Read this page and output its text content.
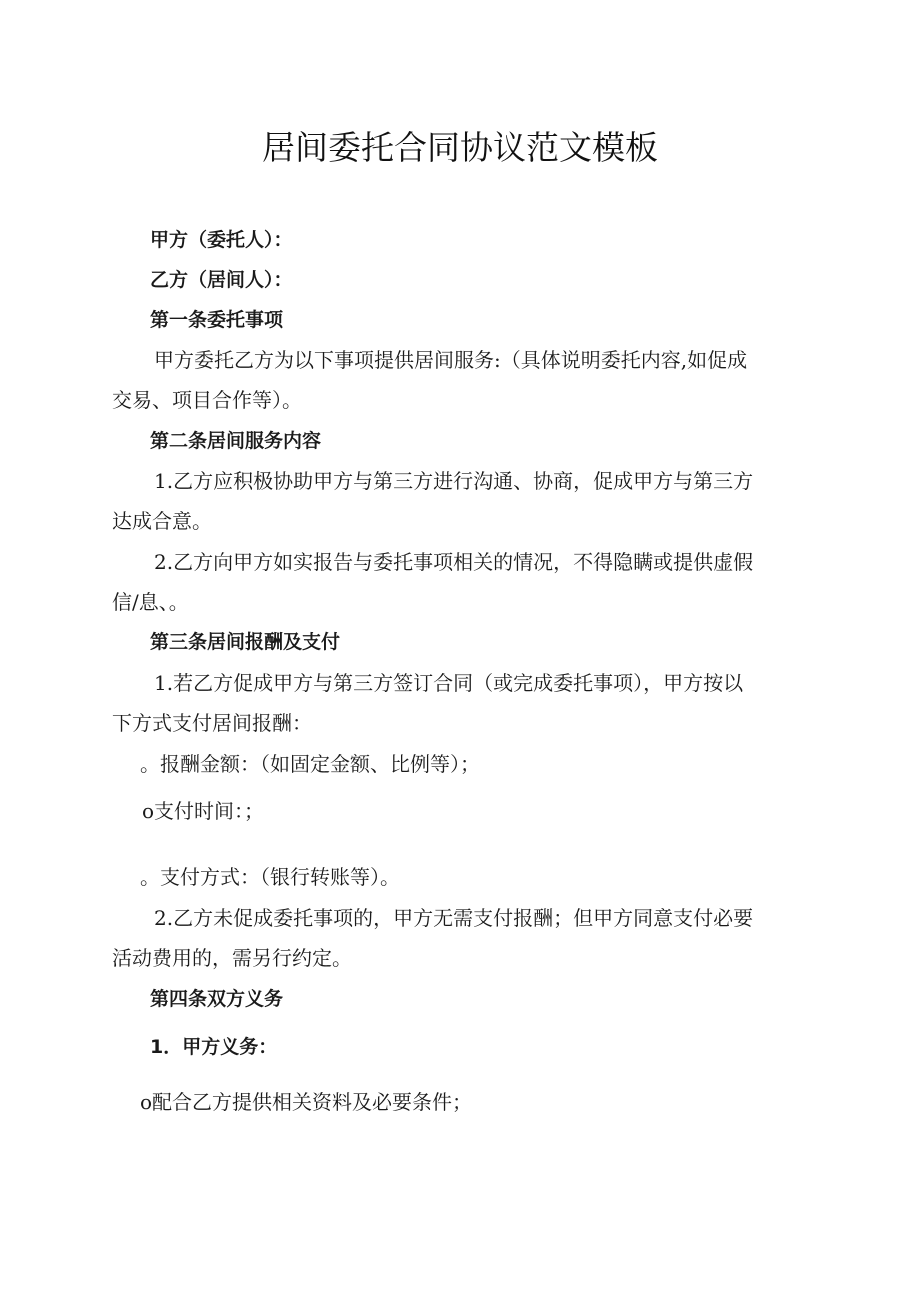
居间委托合同协议范文模板

甲方（委托人）：

乙方（居间人）：

第一条委托事项

甲方委托乙方为以下事项提供居间服务:（具体说明委托内容,如促成

交易、项目合作等）。

第二条居间服务内容

1.乙方应积极协助甲方与第三方进行沟通、协商，促成甲方与第三方

达成合意。

2.乙方向甲方如实报告与委托事项相关的情况，不得隐瞒或提供虚假

信/息、。

第三条居间报酬及支付

1.若乙方促成甲方与第三方签订合同（或完成委托事项），甲方按以

下方式支付居间报酬：

。报酬金额：（如固定金额、比例等）；

o支付时间：；

。支付方式：（银行转账等）。

2.乙方未促成委托事项的，甲方无需支付报酬；但甲方同意支付必要

活动费用的，需另行约定。

第四条双方义务

1．甲方义务：

o配合乙方提供相关资料及必要条件；
